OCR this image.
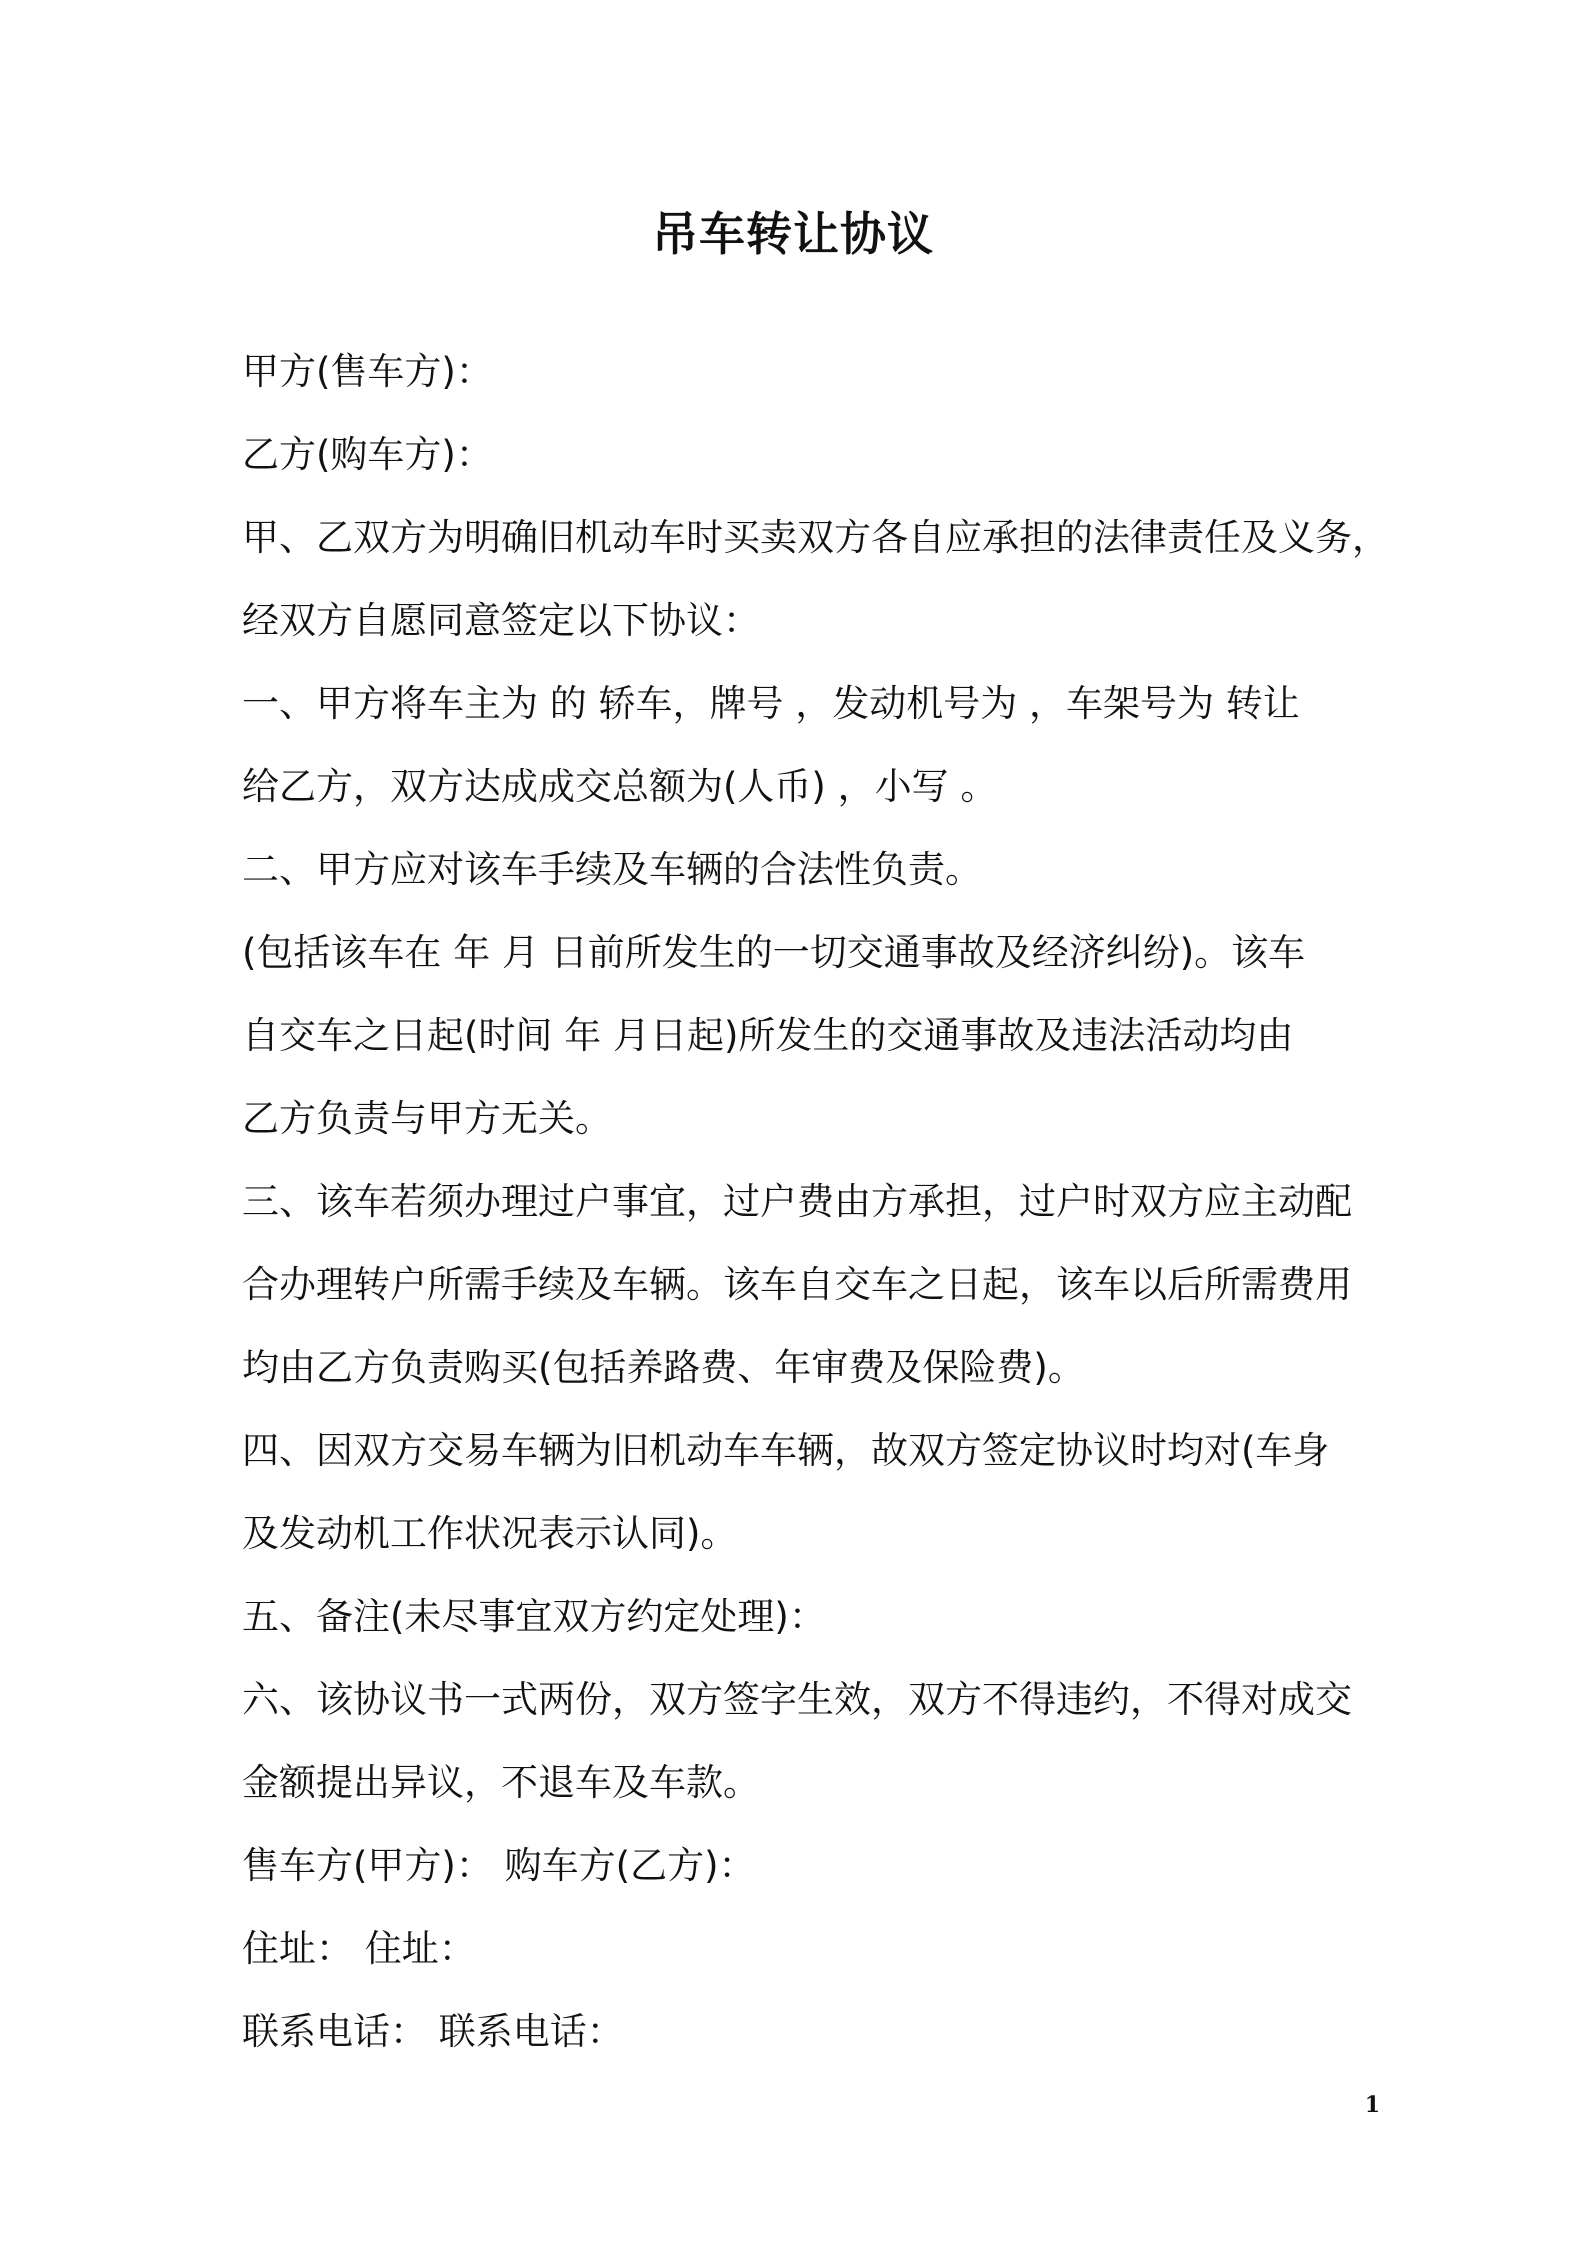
吊车转让协议
甲方(售车方)：
乙方(购车方)：
甲、乙双方为明确旧机动车时买卖双方各自应承担的法律责任及义务，
经双方自愿同意签定以下协议：
一、甲方将车主为 的 轿车，牌号 ，发动机号为 ，车架号为 转让
给乙方，双方达成成交总额为(人币) ，小写 。
二、甲方应对该车手续及车辆的合法性负责。
(包括该车在 年 月 日前所发生的一切交通事故及经济纠纷)。该车
自交车之日起(时间 年 月日起)所发生的交通事故及违法活动均由
乙方负责与甲方无关。
三、该车若须办理过户事宜，过户费由方承担，过户时双方应主动配
合办理转户所需手续及车辆。该车自交车之日起，该车以后所需费用
均由乙方负责购买(包括养路费、年审费及保险费)。
四、因双方交易车辆为旧机动车车辆，故双方签定协议时均对(车身
及发动机工作状况表示认同)。
五、备注(未尽事宜双方约定处理)：
六、该协议书一式两份，双方签字生效，双方不得违约，不得对成交
金额提出异议，不退车及车款。
售车方(甲方)： 购车方(乙方)：
住址： 住址：
联系电话： 联系电话：
1
